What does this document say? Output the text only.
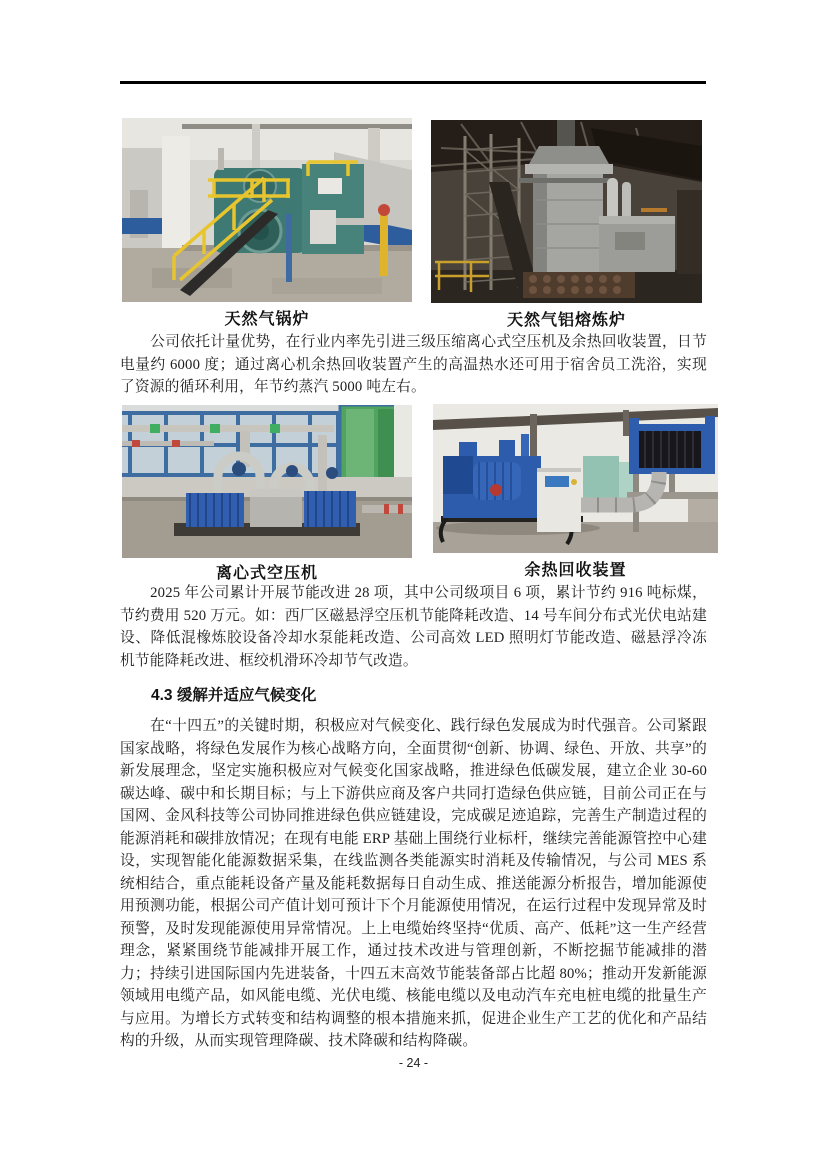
天然气锅炉	天然气铝熔炼炉
公司依托计量优势，在行业内率先引进三级压缩离心式空压机及余热回收装置，日节电量约 6000 度；通过离心机余热回收装置产生的高温热水还可用于宿舍员工洗浴，实现了资源的循环利用，年节约蒸汽 5000 吨左右。
离心式空压机	余热回收装置
2025 年公司累计开展节能改进 28 项，其中公司级项目 6 项，累计节约 916 吨标煤，节约费用 520 万元。如：西厂区磁悬浮空压机节能降耗改造、14 号车间分布式光伏电站建设、降低混橡炼胶设备冷却水泵能耗改造、公司高效 LED 照明灯节能改造、磁悬浮冷冻机节能降耗改进、框绞机滑环冷却节气改造。
4.3 缓解并适应气候变化
在“十四五”的关键时期，积极应对气候变化、践行绿色发展成为时代强音。公司紧跟国家战略，将绿色发展作为核心战略方向，全面贯彻“创新、协调、绿色、开放、共享”的新发展理念，坚定实施积极应对气候变化国家战略，推进绿色低碳发展，建立企业 30-60 碳达峰、碳中和长期目标；与上下游供应商及客户共同打造绿色供应链，目前公司正在与国网、金风科技等公司协同推进绿色供应链建设，完成碳足迹追踪，完善生产制造过程的能源消耗和碳排放情况；在现有电能 ERP 基础上围绕行业标杆，继续完善能源管控中心建设，实现智能化能源数据采集，在线监测各类能源实时消耗及传输情况，与公司 MES 系统相结合，重点能耗设备产量及能耗数据每日自动生成、推送能源分析报告，增加能源使用预测功能，根据公司产值计划可预计下个月能源使用情况，在运行过程中发现异常及时预警，及时发现能源使用异常情况。上上电缆始终坚持“优质、高产、低耗”这一生产经营理念，紧紧围绕节能减排开展工作，通过技术改进与管理创新，不断挖掘节能减排的潜力；持续引进国际国内先进装备，十四五末高效节能装备部占比超 80%；推动开发新能源领域用电缆产品，如风能电缆、光伏电缆、核能电缆以及电动汽车充电桩电缆的批量生产与应用。为增长方式转变和结构调整的根本措施来抓，促进企业生产工艺的优化和产品结构的升级，从而实现管理降碳、技术降碳和结构降碳。
- 24 -
